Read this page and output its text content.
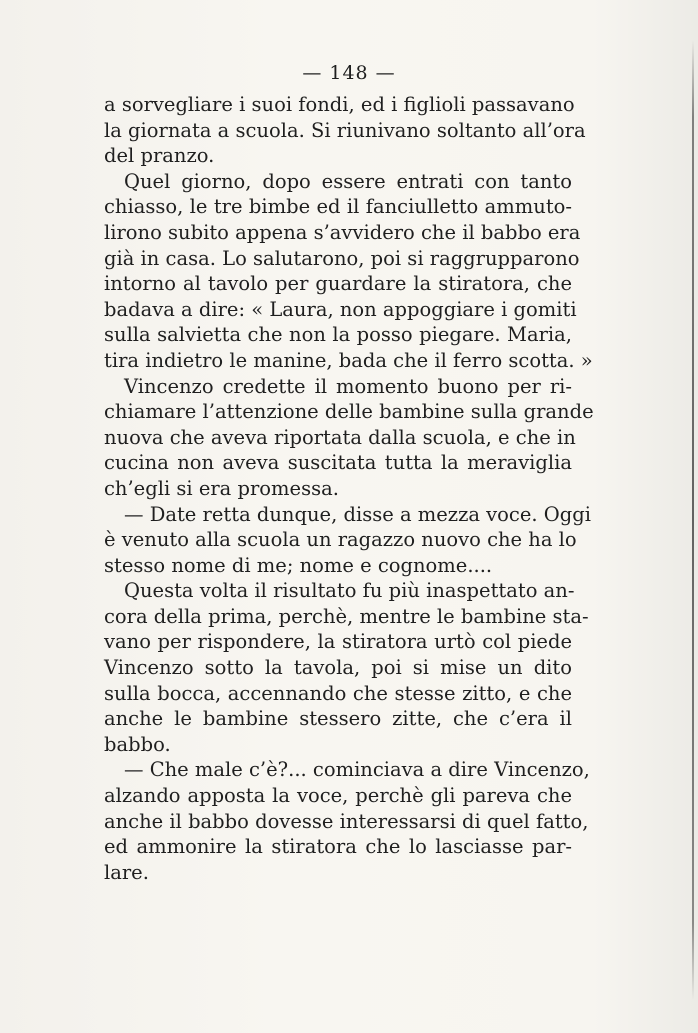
— 148 —
a sorvegliare i suoi fondi, ed i figlioli passavano
la giornata a scuola. Si riunivano soltanto all’ora
del pranzo.
Quel giorno, dopo essere entrati con tanto
chiasso, le tre bimbe ed il fanciulletto ammuto-
lirono subito appena s’avvidero che il babbo era
già in casa. Lo salutarono, poi si raggrupparono
intorno al tavolo per guardare la stiratora, che
badava a dire: « Laura, non appoggiare i gomiti
sulla salvietta che non la posso piegare. Maria,
tira indietro le manine, bada che il ferro scotta. »
Vincenzo credette il momento buono per ri-
chiamare l’attenzione delle bambine sulla grande
nuova che aveva riportata dalla scuola, e che in
cucina non aveva suscitata tutta la meraviglia
ch’egli si era promessa.
— Date retta dunque, disse a mezza voce. Oggi
è venuto alla scuola un ragazzo nuovo che ha lo
stesso nome di me; nome e cognome....
Questa volta il risultato fu più inaspettato an-
cora della prima, perchè, mentre le bambine sta-
vano per rispondere, la stiratora urtò col piede
Vincenzo sotto la tavola, poi si mise un dito
sulla bocca, accennando che stesse zitto, e che
anche le bambine stessero zitte, che c’era il
babbo.
— Che male c’è?... cominciava a dire Vincenzo,
alzando apposta la voce, perchè gli pareva che
anche il babbo dovesse interessarsi di quel fatto,
ed ammonire la stiratora che lo lasciasse par-
lare.
